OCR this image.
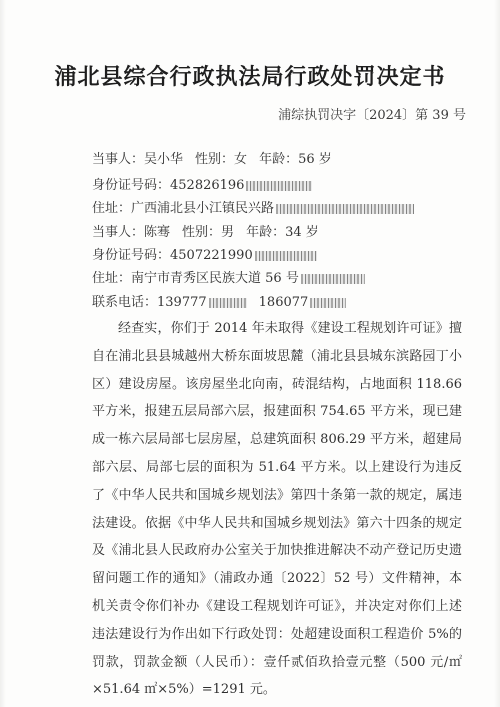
浦北县综合行政执法局行政处罚决定书
浦综执罚决字〔2024〕第 39 号
当事人：吴小华 性别：女 年龄：56 岁
身份证号码：452826196
住址：广西浦北县小江镇民兴路
当事人：陈骞 性别：男 年龄：34 岁
身份证号码：4507221990
住址：南宁市青秀区民族大道 56 号
联系电话：139777	186077

经查实，你们于 2014 年未取得《建设工程规划许可证》擅自在浦北县县城越州大桥东面坡思麓（浦北县县城东滨路园丁小区）建设房屋。该房屋坐北向南，砖混结构，占地面积 118.66 平方米，报建五层局部六层，报建面积 754.65 平方米，现已建成一栋六层局部七层房屋，总建筑面积 806.29 平方米，超建局部六层、局部七层的面积为 51.64 平方米。以上建设行为违反了《中华人民共和国城乡规划法》第四十条第一款的规定，属违法建设。依据《中华人民共和国城乡规划法》第六十四条的规定及《浦北县人民政府办公室关于加快推进解决不动产登记历史遗留问题工作的通知》（浦政办通〔2022〕52 号）文件精神，本机关责令你们补办《建设工程规划许可证》，并决定对你们上述违法建设行为作出如下行政处罚：处超建设面积工程造价 5%的罚款，罚款金额（人民币）：壹仟贰佰玖拾壹元整（500 元/㎡×51.64 ㎡×5%）=1291 元。
